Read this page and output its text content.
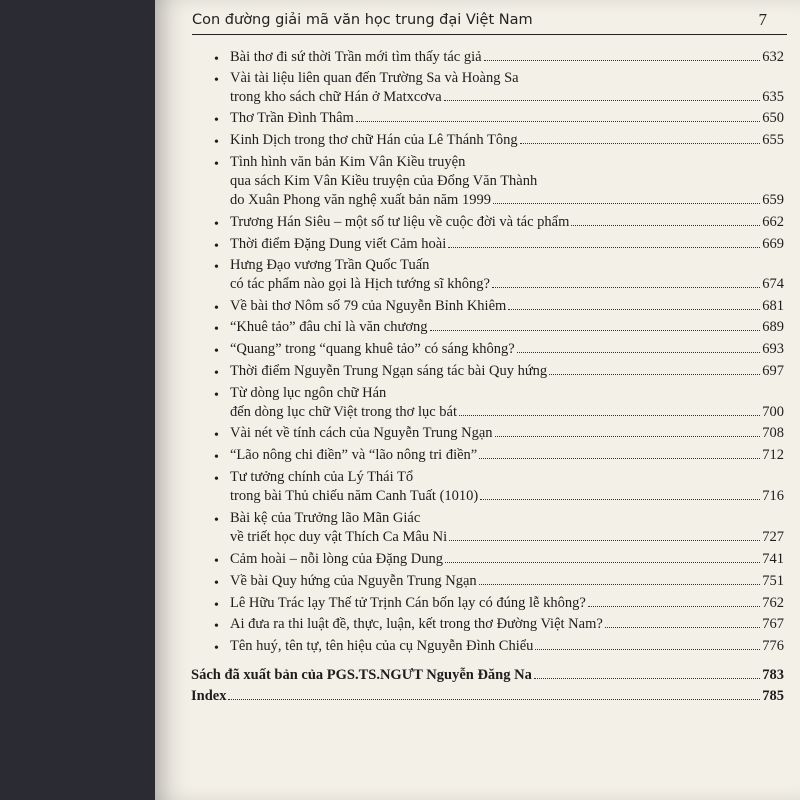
Con đường giải mã văn học trung đại Việt Nam	7
• Bài thơ đi sứ thời Trần mới tìm thấy tác giả	632
• Vài tài liệu liên quan đến Trường Sa và Hoàng Sa
trong kho sách chữ Hán ở Matxcơva	635
• Thơ Trần Đình Thâm	650
• Kinh Dịch trong thơ chữ Hán của Lê Thánh Tông	655
• Tình hình văn bản Kim Vân Kiều truyện
qua sách Kim Vân Kiều truyện của Đổng Văn Thành
do Xuân Phong văn nghệ xuất bản năm 1999	659
• Trương Hán Siêu – một số tư liệu về cuộc đời và tác phẩm	662
• Thời điểm Đặng Dung viết Cảm hoài	669
• Hưng Đạo vương Trần Quốc Tuấn
có tác phẩm nào gọi là Hịch tướng sĩ không?	674
• Về bài thơ Nôm số 79 của Nguyễn Bỉnh Khiêm	681
• “Khuê tảo” đâu chỉ là văn chương	689
• “Quang” trong “quang khuê tảo” có sáng không?	693
• Thời điểm Nguyễn Trung Ngạn sáng tác bài Quy hứng	697
• Từ dòng lục ngôn chữ Hán
đến dòng lục chữ Việt trong thơ lục bát	700
• Vài nét về tính cách của Nguyễn Trung Ngạn	708
• “Lão nông chi điền” và “lão nông tri điền”	712
• Tư tưởng chính của Lý Thái Tổ
trong bài Thủ chiếu năm Canh Tuất (1010)	716
• Bài kệ của Trưởng lão Mãn Giác
về triết học duy vật Thích Ca Mâu Ni	727
• Cảm hoài – nỗi lòng của Đặng Dung	741
• Về bài Quy hứng của Nguyễn Trung Ngạn	751
• Lê Hữu Trác lạy Thế tử Trịnh Cán bốn lạy có đúng lễ không?	762
• Ai đưa ra thi luật đề, thực, luận, kết trong thơ Đường Việt Nam?	767
• Tên huý, tên tự, tên hiệu của cụ Nguyễn Đình Chiểu	776
Sách đã xuất bản của PGS.TS.NGƯT Nguyễn Đăng Na	783
Index	785
